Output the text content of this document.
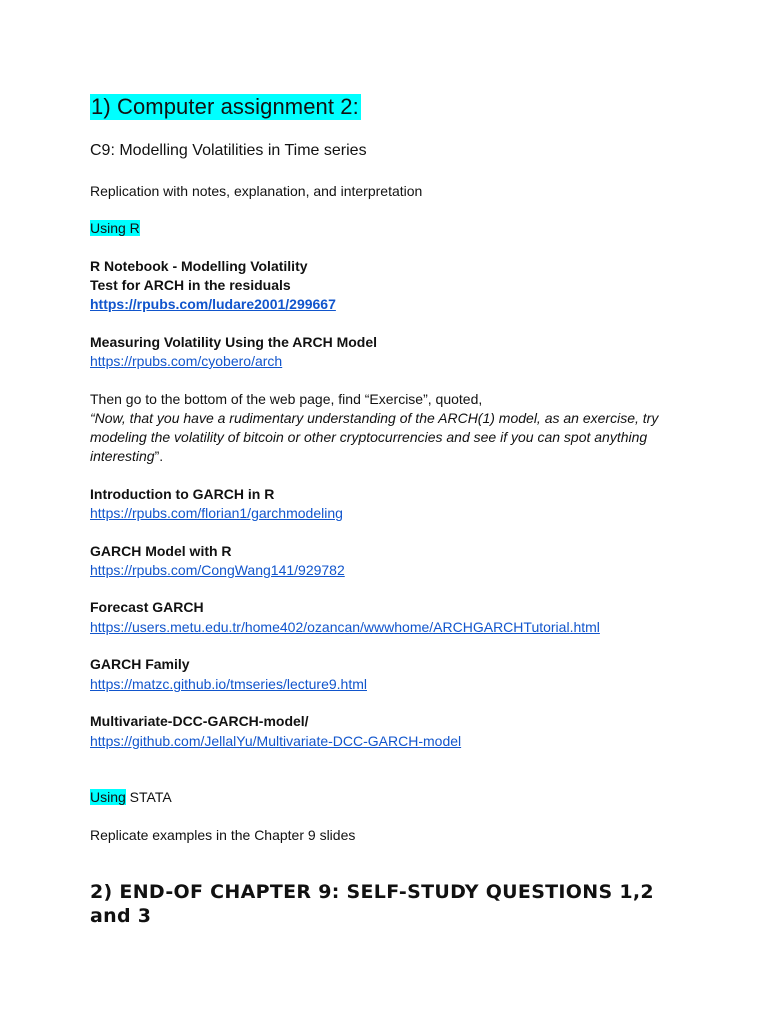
1) Computer assignment 2:
C9: Modelling Volatilities in Time series
Replication with notes, explanation, and interpretation
Using R
R Notebook - Modelling Volatility
Test for ARCH in the residuals
https://rpubs.com/ludare2001/299667
Measuring Volatility Using the ARCH Model
https://rpubs.com/cyobero/arch
Then go to the bottom of the web page, find “Exercise”, quoted,
“Now, that you have a rudimentary understanding of the ARCH(1) model, as an exercise, try modeling the volatility of bitcoin or other cryptocurrencies and see if you can spot anything interesting”.
Introduction to GARCH in R
https://rpubs.com/florian1/garchmodeling
GARCH Model with R
https://rpubs.com/CongWang141/929782
Forecast GARCH
https://users.metu.edu.tr/home402/ozancan/wwwhome/ARCHGARCHTutorial.html
GARCH Family
https://matzc.github.io/tmseries/lecture9.html
Multivariate-DCC-GARCH-model/
https://github.com/JellalYu/Multivariate-DCC-GARCH-model
Using STATA
Replicate examples in the Chapter 9 slides
2) END-OF CHAPTER 9: SELF-STUDY QUESTIONS 1,2 and 3
